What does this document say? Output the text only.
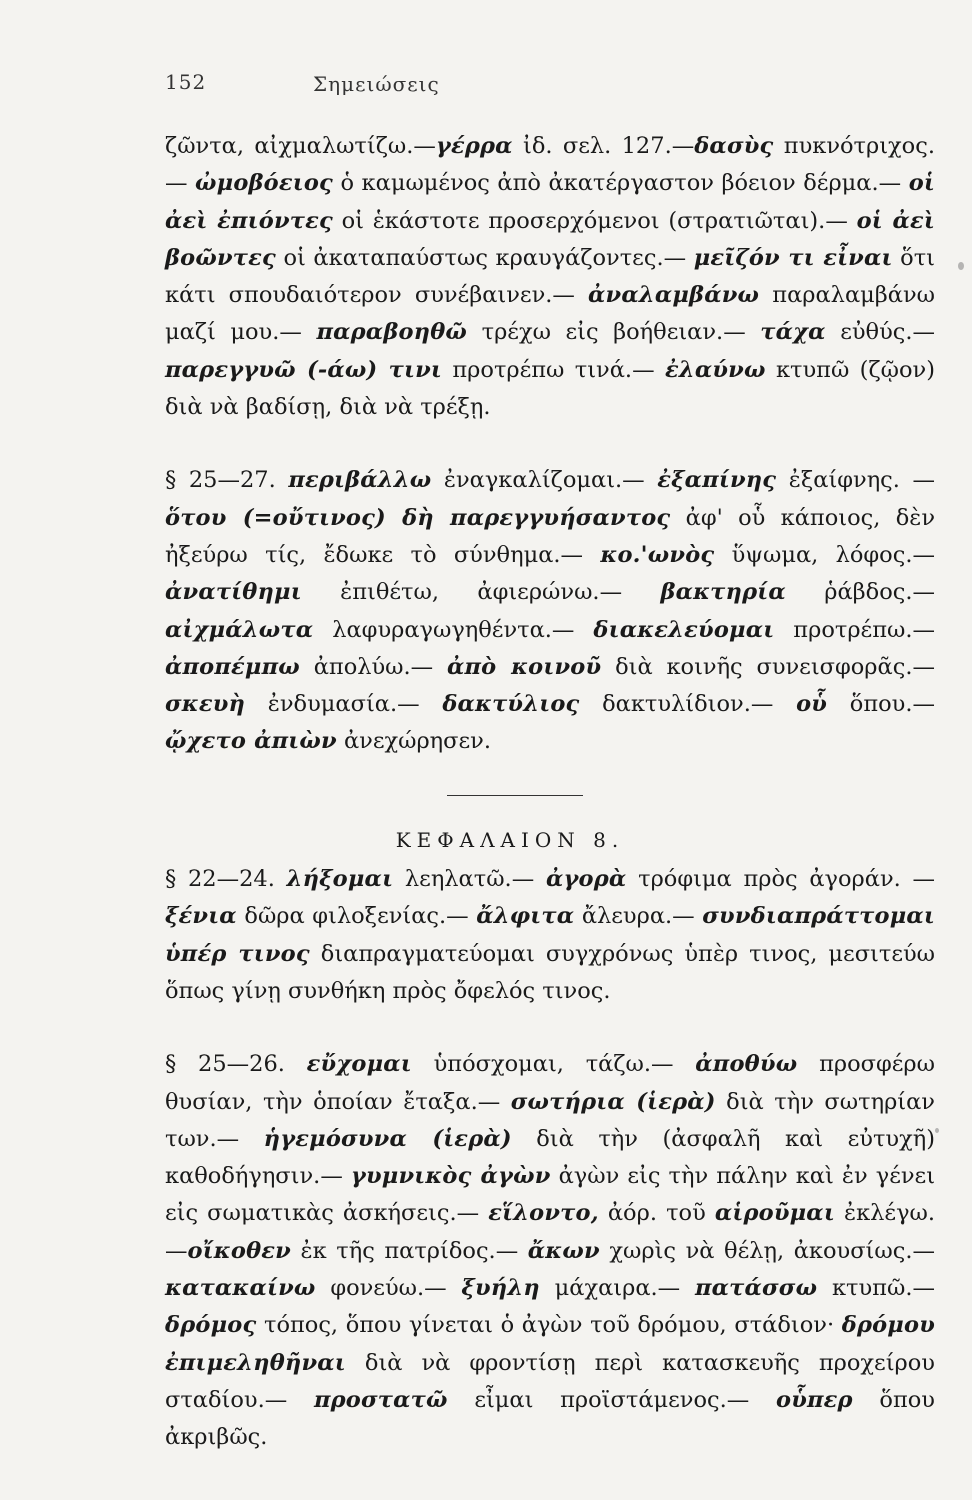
152	Σημειώσεις

ζῶντα, αἰχμαλωτίζω.—γέρρα ἰδ. σελ. 127.—δασὺς πυκνότριχος.— ὠμοβόειος ὁ καμωμένος ἀπὸ ἀκατέργαστον βόειον δέρμα.— οἱ ἀεὶ ἐπιόντες οἱ ἑκάστοτε προσερχόμενοι (στρατιῶται).— οἱ ἀεὶ βοῶντες οἱ ἀκαταπαύστως κραυγάζοντες.— μεῖζόν τι εἶναι ὅτι κάτι σπουδαιότερον συνέβαινεν.— ἀναλαμβάνω παραλαμβάνω μαζί μου.— παραβοηθῶ τρέχω εἰς βοήθειαν.— τάχα εὐθύς.— παρεγγυῶ (-άω) τινι προτρέπω τινά.— ἐλαύνω κτυπῶ (ζῷον) διὰ νὰ βαδίσῃ, διὰ νὰ τρέξῃ.

§ 25—27. περιβάλλω ἐναγκαλίζομαι.— ἐξαπίνης ἐξαίφνης. — ὅτου (=οὔτινος) δὴ παρεγγυήσαντος ἀφ' οὗ κάποιος, δὲν ἠξεύρω τίς, ἔδωκε τὸ σύνθημα.— κο.'ωνὸς ὕψωμα, λόφος.— ἀνατίθημι ἐπιθέτω, ἀφιερώνω.— βακτηρία ῥάβδος.— αἰχμάλωτα λαφυραγωγηθέντα.— διακελεύομαι προτρέπω.—ἀποπέμπω ἀπολύω.— ἀπὸ κοινοῦ διὰ κοινῆς συνεισφορᾶς.— σκευὴ ἐνδυμασία.— δακτύλιος δακτυλίδιον.— οὗ ὅπου.— ᾤχετο ἀπιὼν ἀνεχώρησεν.

ΚΕΦΑΛΑΙΟΝ 8.

§ 22—24. λήξομαι λεηλατῶ.— ἀγορὰ τρόφιμα πρὸς ἀγοράν. — ξένια δῶρα φιλοξενίας.— ἄλφιτα ἄλευρα.— συνδιαπράττομαι ὑπέρ τινος διαπραγματεύομαι συγχρόνως ὑπὲρ τινος, μεσιτεύω ὅπως γίνῃ συνθήκη πρὸς ὄφελός τινος.

§ 25—26. εὔχομαι ὑπόσχομαι, τάζω.— ἀποθύω προσφέρω θυσίαν, τὴν ὁποίαν ἔταξα.— σωτήρια (ἱερὰ) διὰ τὴν σωτηρίαν των.— ἡγεμόσυνα (ἱερὰ) διὰ τὴν (ἀσφαλῆ καὶ εὐτυχῆ) καθοδήγησιν.— γυμνικὸς ἀγὼν ἀγὼν εἰς τὴν πάλην καὶ ἐν γένει εἰς σωματικὰς ἀσκήσεις.— εἵλοντο, ἀόρ. τοῦ αἱροῦμαι ἐκλέγω.—οἴκοθεν ἐκ τῆς πατρίδος.— ἄκων χωρὶς νὰ θέλῃ, ἀκουσίως.— κατακαίνω φονεύω.— ξυήλη μάχαιρα.— πατάσσω κτυπῶ.— δρόμος τόπος, ὅπου γίνεται ὁ ἀγὼν τοῦ δρόμου, στάδιον· δρόμου ἐπιμεληθῆναι διὰ νὰ φροντίσῃ περὶ κατασκευῆς προχείρου σταδίου.— προστατῶ εἶμαι προϊστάμενος.— οὗπερ ὅπου ἀκριβῶς.
